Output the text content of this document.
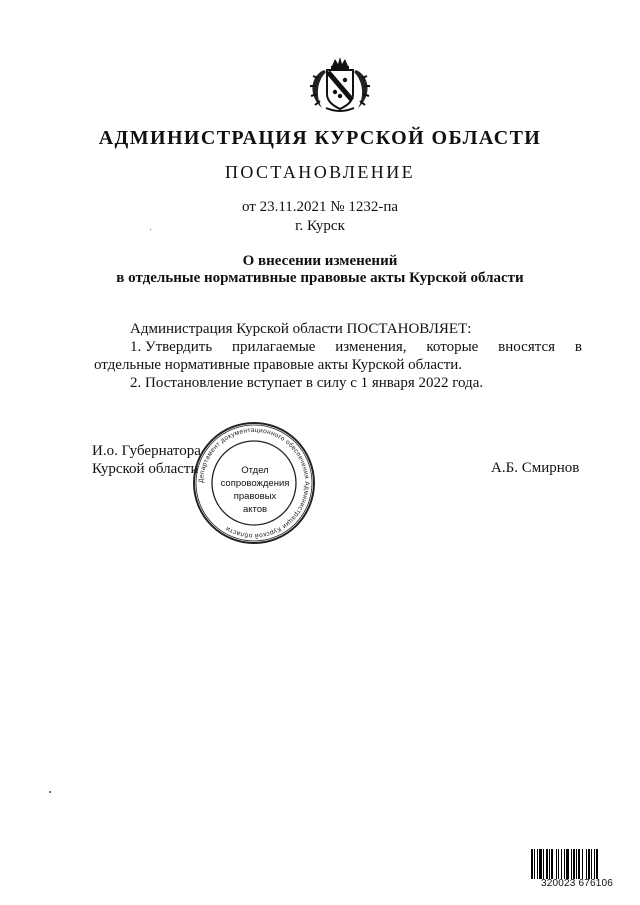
АДМИНИСТРАЦИЯ КУРСКОЙ ОБЛАСТИ
ПОСТАНОВЛЕНИЕ
от 23.11.2021 № 1232-па
г. Курск
О внесении изменений
в отдельные нормативные правовые акты Курской области
Администрация Курской области ПОСТАНОВЛЯЕТ:
1. Утвердить прилагаемые изменения, которые вносятся в
отдельные нормативные правовые акты Курской области.
2. Постановление вступает в силу с 1 января 2022 года.
И.о. Губернатора
Курской области	А.Б. Смирнов
Департамент документационного обеспечения Администрации Курской области
Отдел
сопровождения
правовых
актов
320023 676106
